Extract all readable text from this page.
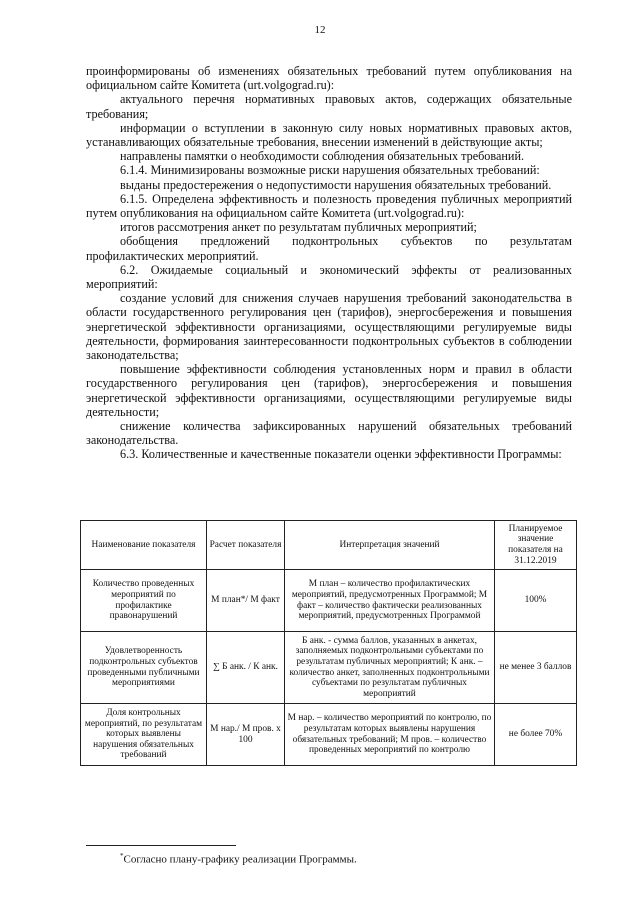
12

проинформированы об изменениях обязательных требований путем опубликования на официальном сайте Комитета (urt.volgograd.ru):

актуального перечня нормативных правовых актов, содержащих обязательные требования;

информации о вступлении в законную силу новых нормативных правовых актов, устанавливающих обязательные требования, внесении изменений в действующие акты;

направлены памятки о необходимости соблюдения обязательных требований.

6.1.4. Минимизированы возможные риски нарушения обязательных требований:

выданы предостережения о недопустимости нарушения обязательных требований.

6.1.5. Определена эффективность и полезность проведения публичных мероприятий путем опубликования на официальном сайте Комитета (urt.volgograd.ru):

итогов рассмотрения анкет по результатам публичных мероприятий;

обобщения предложений подконтрольных субъектов по результатам профилактических мероприятий.

6.2. Ожидаемые социальный и экономический эффекты от реализованных мероприятий:

создание условий для снижения случаев нарушения требований законодательства в области государственного регулирования цен (тарифов), энергосбережения и повышения энергетической эффективности организациями, осуществляющими регулируемые виды деятельности, формирования заинтересованности подконтрольных субъектов в соблюдении законодательства;

повышение эффективности соблюдения установленных норм и правил в области государственного регулирования цен (тарифов), энергосбережения и повышения энергетической эффективности организациями, осуществляющими регулируемые виды деятельности;

снижение количества зафиксированных нарушений обязательных требований законодательства.

6.3. Количественные и качественные показатели оценки эффективности Программы:

Наименование показателя	Расчет показателя	Интерпретация значений	Планируемое значение показателя на 31.12.2019
Количество проведенных мероприятий по профилактике правонарушений	М план*/ М факт	М план – количество профилактических мероприятий, предусмотренных Программой; М факт – количество фактически реализованных мероприятий, предусмотренных Программой	100%
Удовлетворенность подконтрольных субъектов проведенными публичными мероприятиями	∑ Б анк. / К анк.	Б анк. - сумма баллов, указанных в анкетах, заполняемых подконтрольными субъектами по результатам публичных мероприятий; К анк. – количество анкет, заполненных подконтрольными субъектами по результатам публичных мероприятий	не менее 3 баллов
Доля контрольных мероприятий, по результатам которых выявлены нарушения обязательных требований	М нар./ М пров. х 100	М нар. – количество мероприятий по контролю, по результатам которых выявлены нарушения обязательных требований; М пров. – количество проведенных мероприятий по контролю	не более 70%
*Согласно плану-графику реализации Программы.
